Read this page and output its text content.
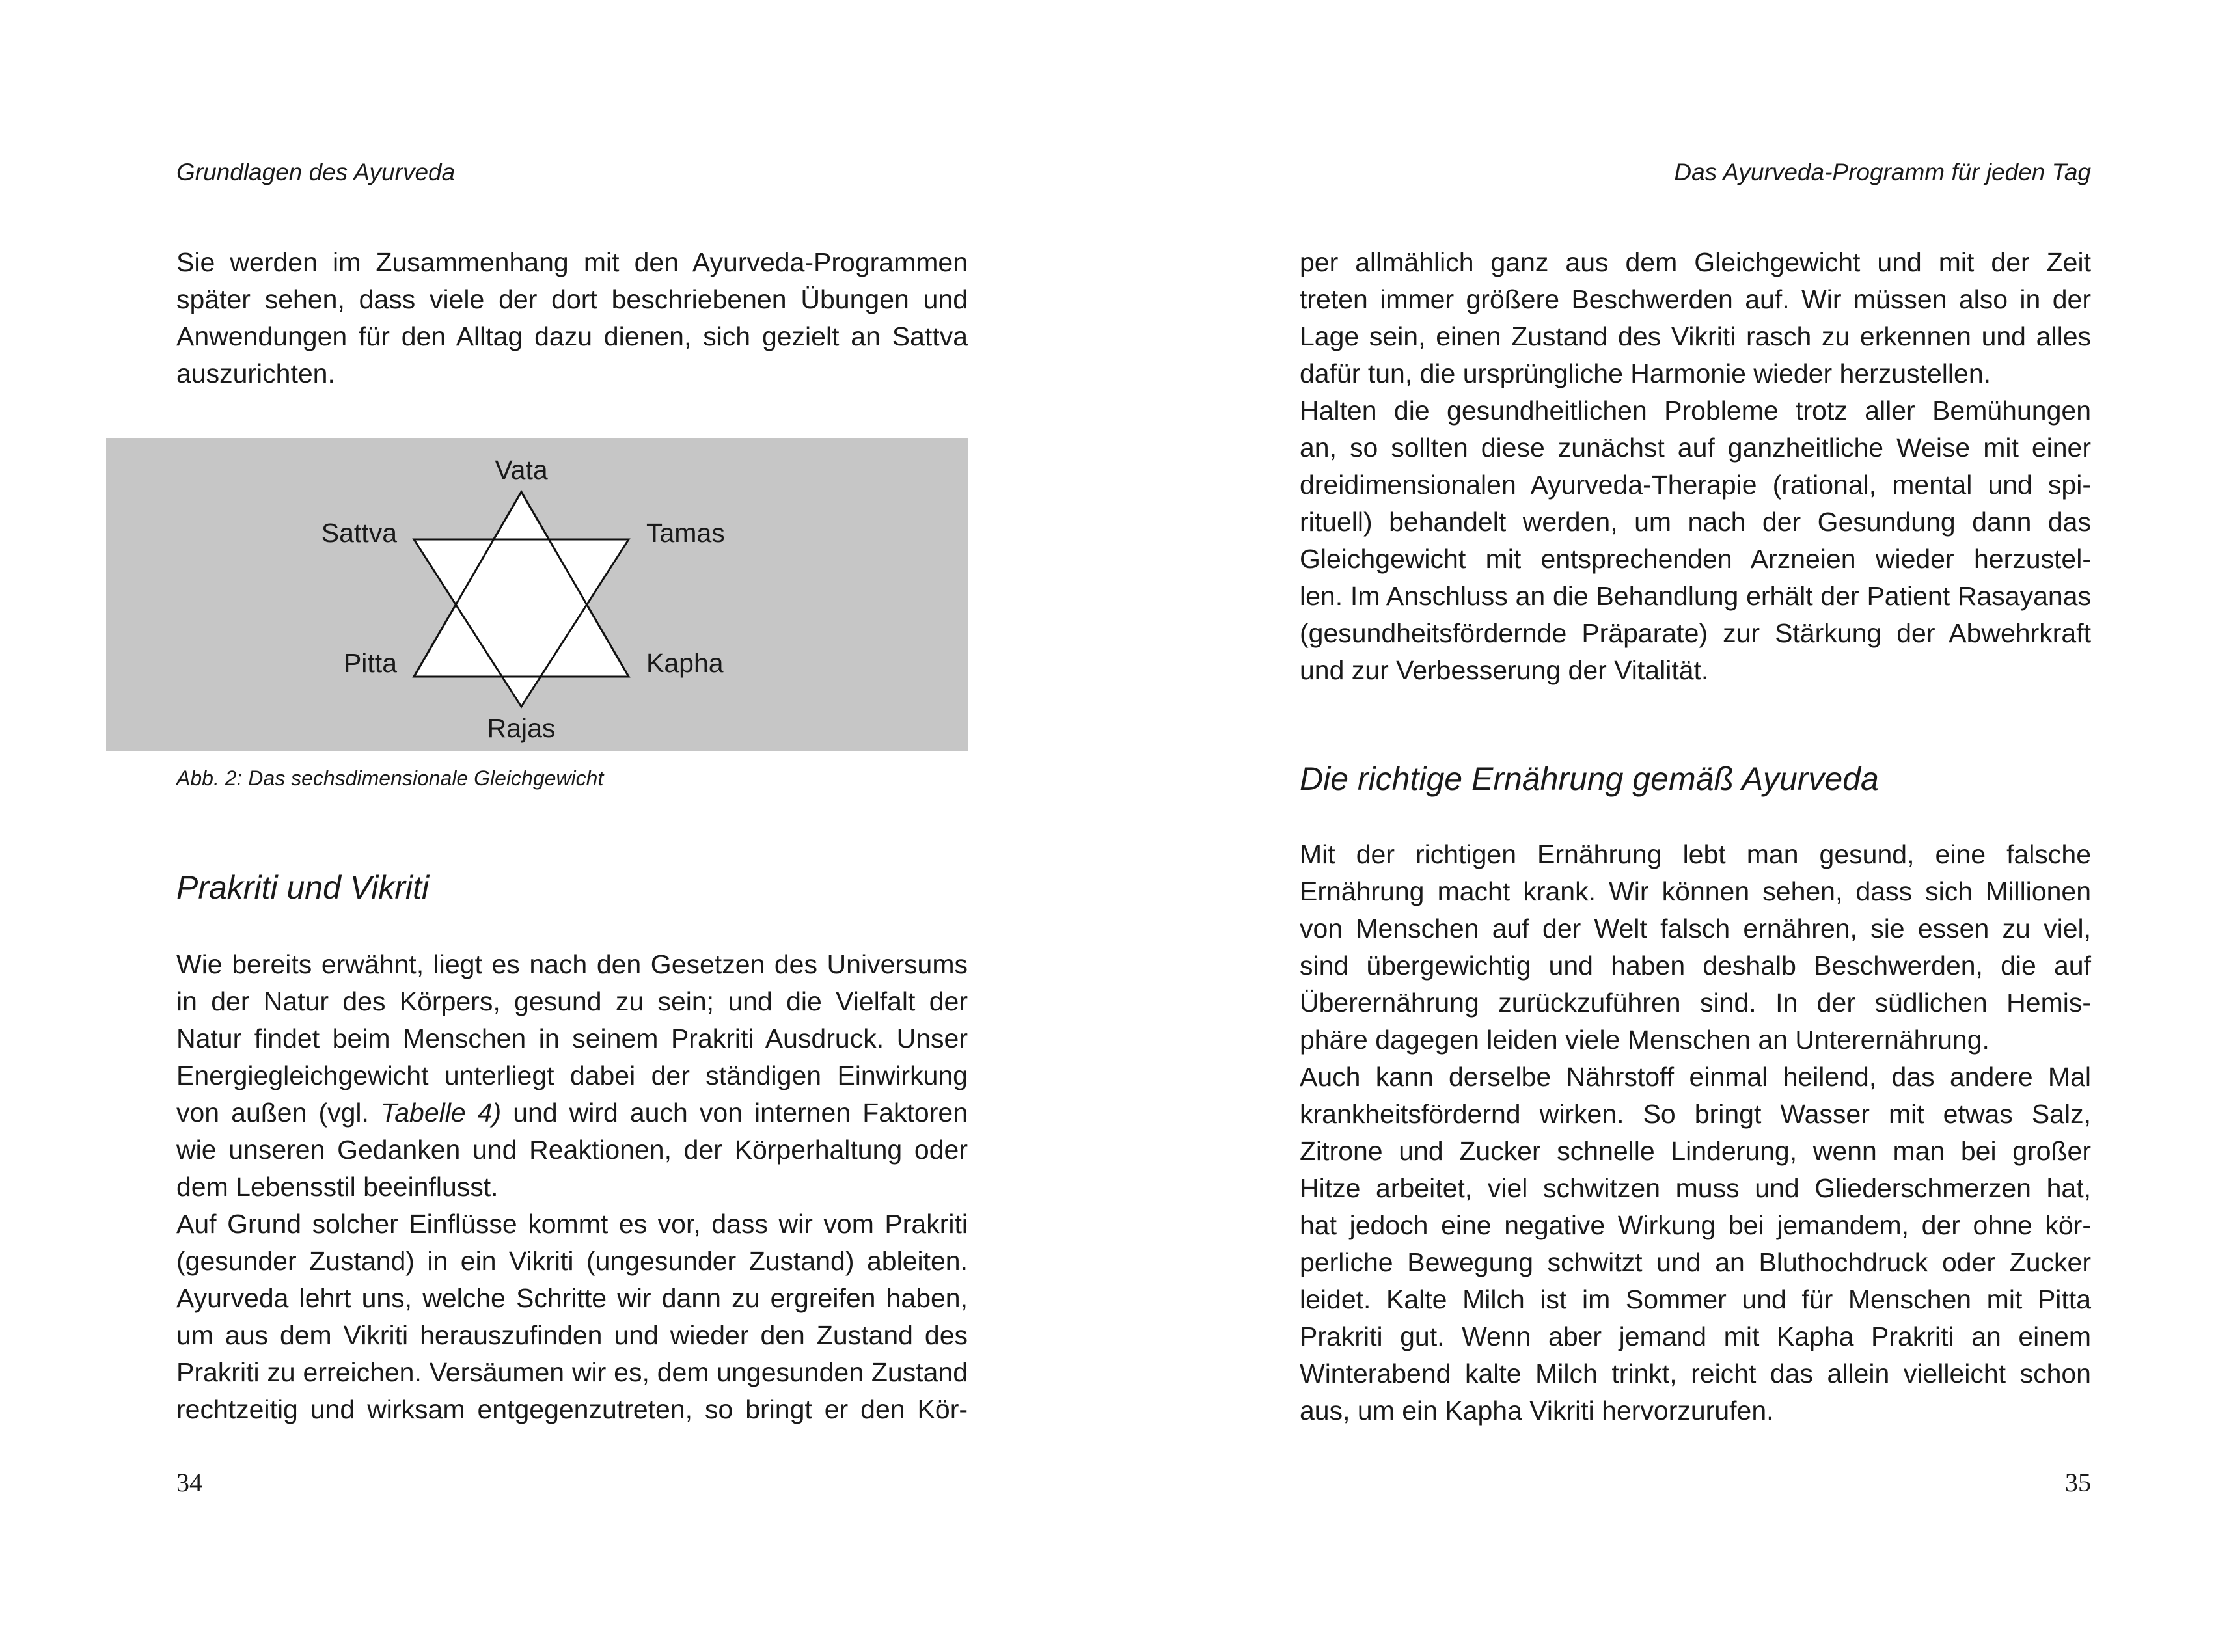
Grundlagen des Ayurveda	Das Ayurveda-Programm für jeden Tag
Sie werden im Zusammenhang mit den Ayurveda-Programmen
später sehen, dass viele der dort beschriebenen Übungen und
Anwendungen für den Alltag dazu dienen, sich gezielt an Sattva
auszurichten.
Vata
Sattva	Tamas
Pitta	Kapha
Rajas
Abb. 2: Das sechsdimensionale Gleichgewicht
Prakriti und Vikriti
Wie bereits erwähnt, liegt es nach den Gesetzen des Universums
in der Natur des Körpers, gesund zu sein; und die Vielfalt der
Natur findet beim Menschen in seinem Prakriti Ausdruck. Unser
Energiegleichgewicht unterliegt dabei der ständigen Einwirkung
von außen (vgl. Tabelle 4) und wird auch von internen Faktoren
wie unseren Gedanken und Reaktionen, der Körperhaltung oder
dem Lebensstil beeinflusst.
Auf Grund solcher Einflüsse kommt es vor, dass wir vom Prakriti
(gesunder Zustand) in ein Vikriti (ungesunder Zustand) ableiten.
Ayurveda lehrt uns, welche Schritte wir dann zu ergreifen haben,
um aus dem Vikriti herauszufinden und wieder den Zustand des
Prakriti zu erreichen. Versäumen wir es, dem ungesunden Zustand
rechtzeitig und wirksam entgegenzutreten, so bringt er den Kör-
34
per allmählich ganz aus dem Gleichgewicht und mit der Zeit
treten immer größere Beschwerden auf. Wir müssen also in der
Lage sein, einen Zustand des Vikriti rasch zu erkennen und alles
dafür tun, die ursprüngliche Harmonie wieder herzustellen.
Halten die gesundheitlichen Probleme trotz aller Bemühungen
an, so sollten diese zunächst auf ganzheitliche Weise mit einer
dreidimensionalen Ayurveda-Therapie (rational, mental und spi-
rituell) behandelt werden, um nach der Gesundung dann das
Gleichgewicht mit entsprechenden Arzneien wieder herzustel-
len. Im Anschluss an die Behandlung erhält der Patient Rasayanas
(gesundheitsfördernde Präparate) zur Stärkung der Abwehrkraft
und zur Verbesserung der Vitalität.
Die richtige Ernährung gemäß Ayurveda
Mit der richtigen Ernährung lebt man gesund, eine falsche
Ernährung macht krank. Wir können sehen, dass sich Millionen
von Menschen auf der Welt falsch ernähren, sie essen zu viel,
sind übergewichtig und haben deshalb Beschwerden, die auf
Überernährung zurückzuführen sind. In der südlichen Hemis-
phäre dagegen leiden viele Menschen an Unterernährung.
Auch kann derselbe Nährstoff einmal heilend, das andere Mal
krankheitsfördernd wirken. So bringt Wasser mit etwas Salz,
Zitrone und Zucker schnelle Linderung, wenn man bei großer
Hitze arbeitet, viel schwitzen muss und Gliederschmerzen hat,
hat jedoch eine negative Wirkung bei jemandem, der ohne kör-
perliche Bewegung schwitzt und an Bluthochdruck oder Zucker
leidet. Kalte Milch ist im Sommer und für Menschen mit Pitta
Prakriti gut. Wenn aber jemand mit Kapha Prakriti an einem
Winterabend kalte Milch trinkt, reicht das allein vielleicht schon
aus, um ein Kapha Vikriti hervorzurufen.
35
